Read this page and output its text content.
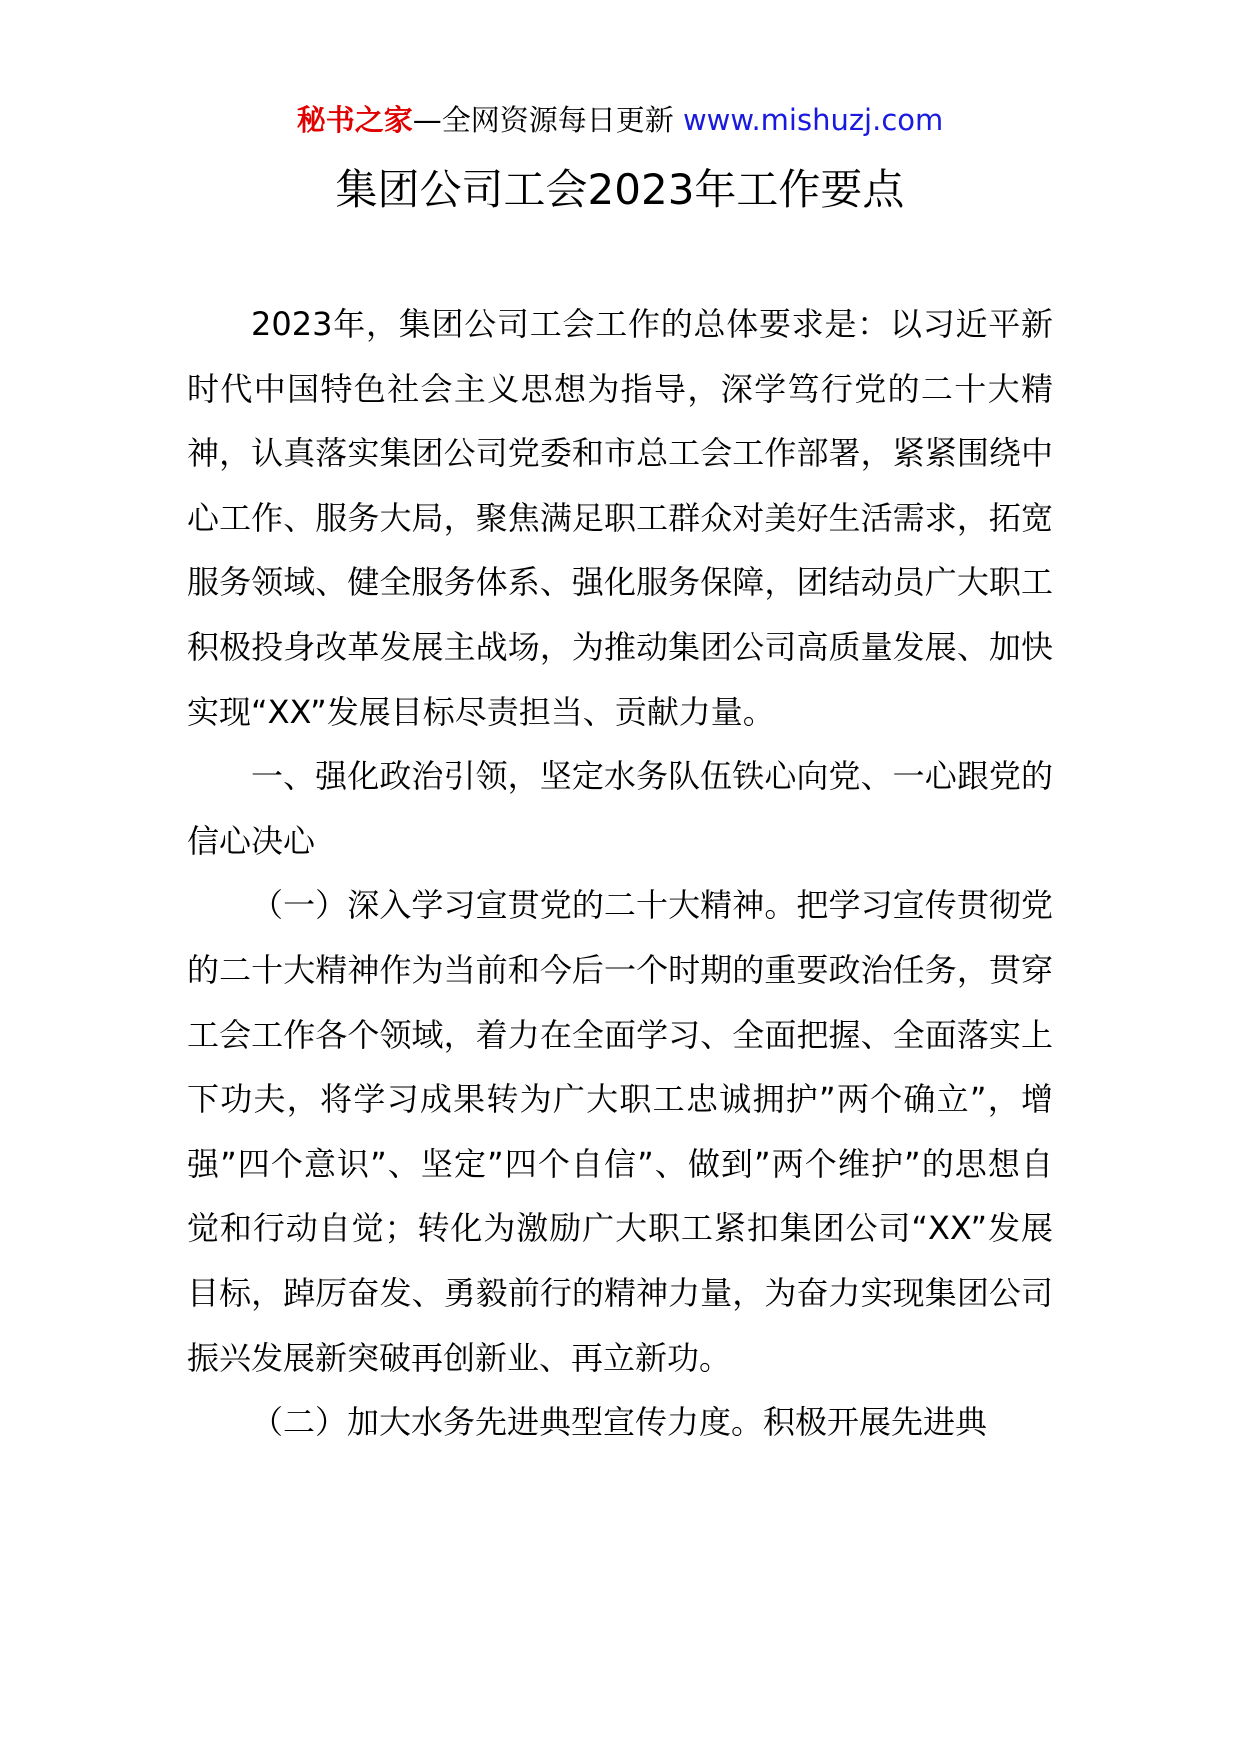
秘书之家—全网资源每日更新 www.mishuzj.com
集团公司工会2023年工作要点

2023年，集团公司工会工作的总体要求是：以习近平新时代中国特色社会主义思想为指导，深学笃行党的二十大精神，认真落实集团公司党委和市总工会工作部署，紧紧围绕中心工作、服务大局，聚焦满足职工群众对美好生活需求，拓宽服务领域、健全服务体系、强化服务保障，团结动员广大职工积极投身改革发展主战场，为推动集团公司高质量发展、加快实现“XX”发展目标尽责担当、贡献力量。

一、强化政治引领，坚定水务队伍铁心向党、一心跟党的信心决心

（一）深入学习宣贯党的二十大精神。把学习宣传贯彻党的二十大精神作为当前和今后一个时期的重要政治任务，贯穿工会工作各个领域，着力在全面学习、全面把握、全面落实上下功夫，将学习成果转为广大职工忠诚拥护”两个确立”，增强”四个意识”、坚定”四个自信”、做到”两个维护”的思想自觉和行动自觉；转化为激励广大职工紧扣集团公司“XX”发展目标，踔厉奋发、勇毅前行的精神力量，为奋力实现集团公司振兴发展新突破再创新业、再立新功。

（二）加大水务先进典型宣传力度。积极开展先进典
